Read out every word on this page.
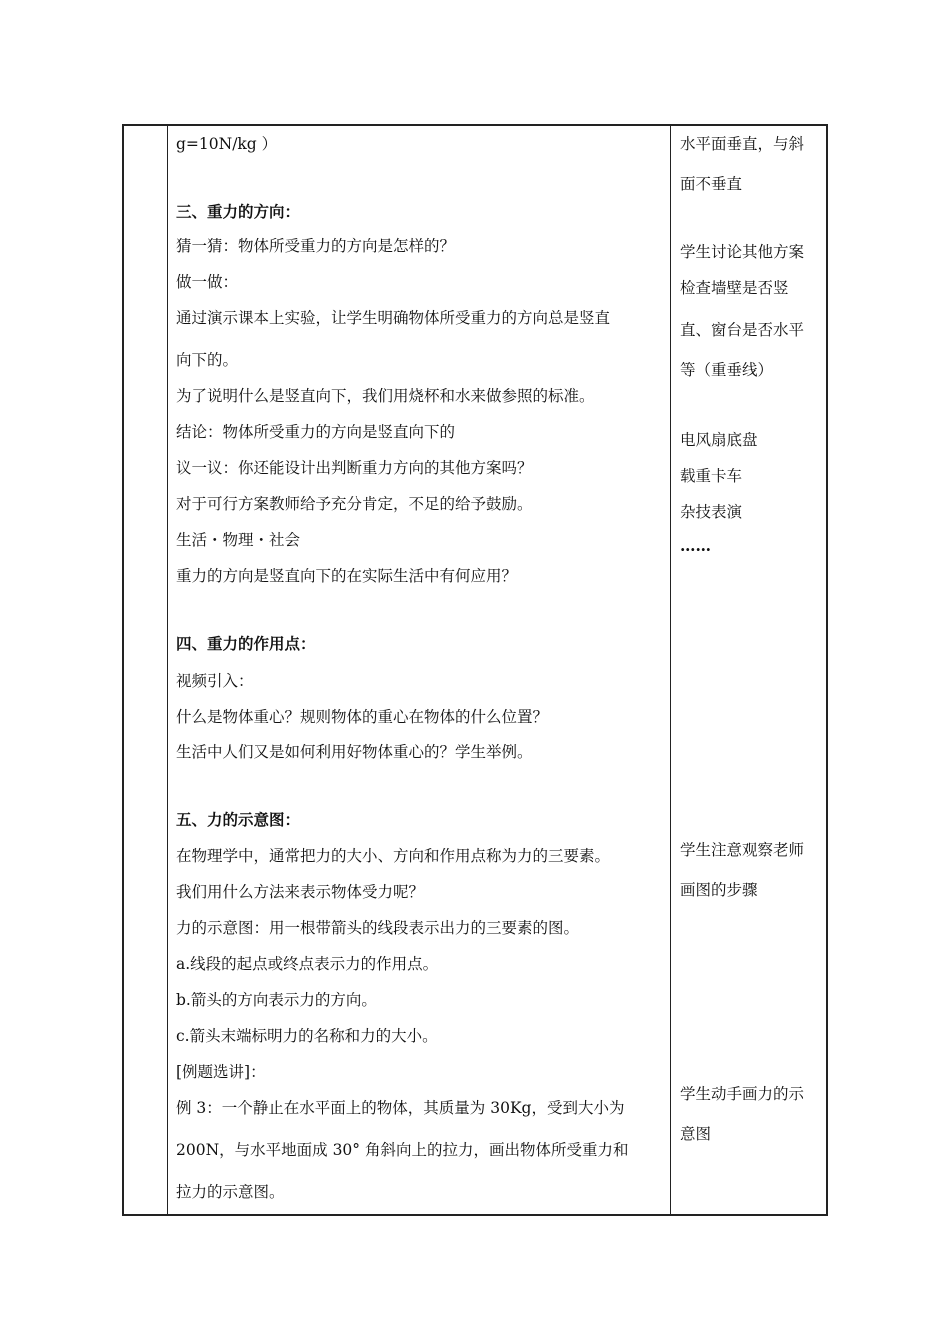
g=10N/kg ）
三、重力的方向：
猜一猜：物体所受重力的方向是怎样的？
做一做：
通过演示课本上实验，让学生明确物体所受重力的方向总是竖直
向下的。
为了说明什么是竖直向下，我们用烧杯和水来做参照的标准。
结论：物体所受重力的方向是竖直向下的
议一议：你还能设计出判断重力方向的其他方案吗？
对于可行方案教师给予充分肯定，不足的给予鼓励。
生活・物理・社会
重力的方向是竖直向下的在实际生活中有何应用？
四、重力的作用点：
视频引入：
什么是物体重心？规则物体的重心在物体的什么位置？
生活中人们又是如何利用好物体重心的？学生举例。
五、力的示意图：
在物理学中，通常把力的大小、方向和作用点称为力的三要素。
我们用什么方法来表示物体受力呢？
力的示意图：用一根带箭头的线段表示出力的三要素的图。
a.线段的起点或终点表示力的作用点。
b.箭头的方向表示力的方向。
c.箭头末端标明力的名称和力的大小。
[例题选讲]：
例 3：一个静止在水平面上的物体，其质量为 30Kg，受到大小为
200N，与水平地面成 30° 角斜向上的拉力，画出物体所受重力和
拉力的示意图。
水平面垂直，与斜
面不垂直
学生讨论其他方案
检查墙壁是否竖
直、窗台是否水平
等（重垂线）
电风扇底盘
载重卡车
杂技表演
……
学生注意观察老师
画图的步骤
学生动手画力的示
意图
